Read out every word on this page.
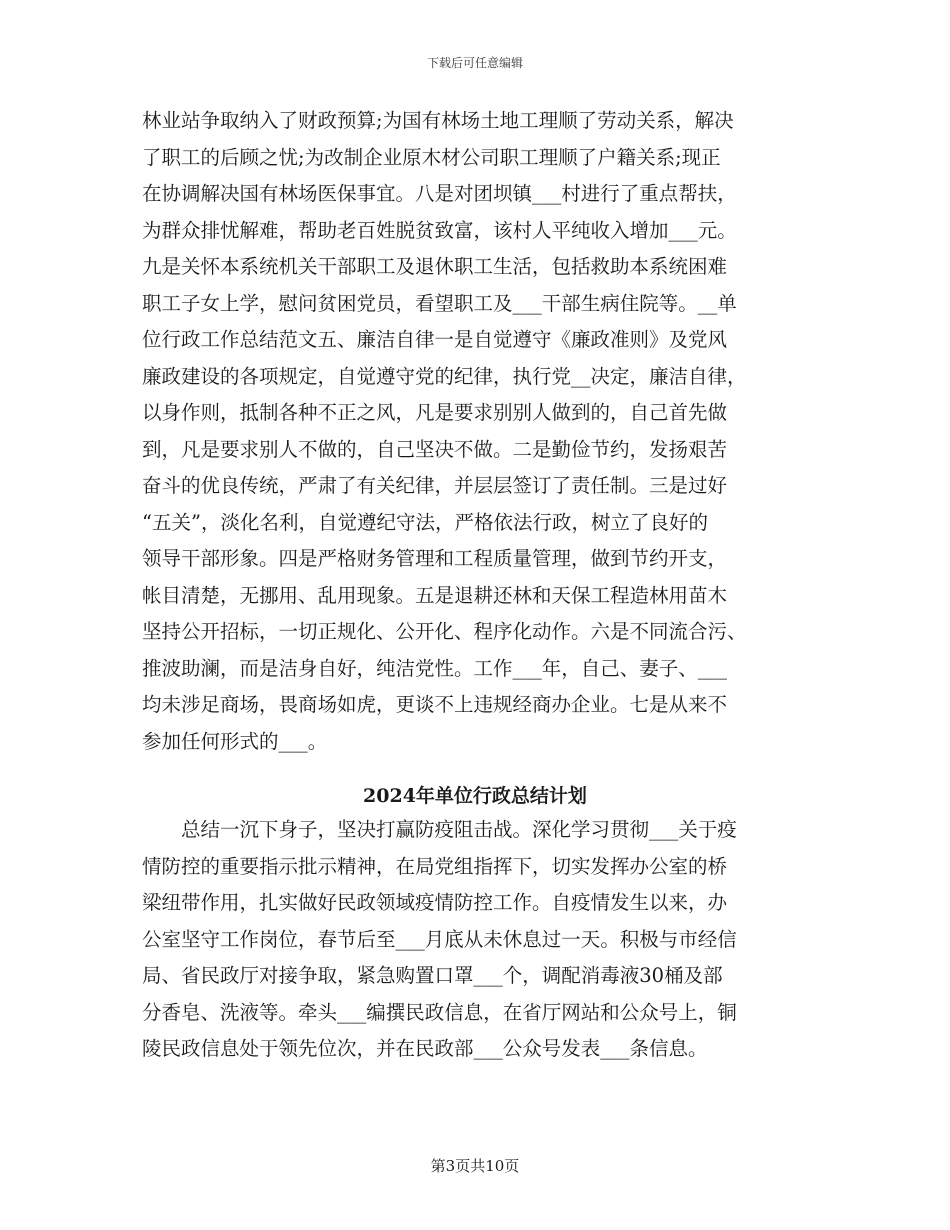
下载后可任意编辑
林业站争取纳入了财政预算;为国有林场土地工理顺了劳动关系，解决
了职工的后顾之忧;为改制企业原木材公司职工理顺了户籍关系;现正
在协调解决国有林场医保事宜。八是对团坝镇___村进行了重点帮扶，
为群众排忧解难，帮助老百姓脱贫致富，该村人平纯收入增加___元。
九是关怀本系统机关干部职工及退休职工生活，包括救助本系统困难
职工子女上学，慰问贫困党员，看望职工及___干部生病住院等。__单
位行政工作总结范文五、廉洁自律一是自觉遵守《廉政准则》及党风
廉政建设的各项规定，自觉遵守党的纪律，执行党__决定，廉洁自律，
以身作则，抵制各种不正之风，凡是要求别别人做到的，自己首先做
到，凡是要求别人不做的，自己坚决不做。二是勤俭节约，发扬艰苦
奋斗的优良传统，严肃了有关纪律，并层层签订了责任制。三是过好
“五关”，淡化名利，自觉遵纪守法，严格依法行政，树立了良好的
领导干部形象。四是严格财务管理和工程质量管理，做到节约开支，
帐目清楚，无挪用、乱用现象。五是退耕还林和天保工程造林用苗木
坚持公开招标，一切正规化、公开化、程序化动作。六是不同流合污、
推波助澜，而是洁身自好，纯洁党性。工作___年，自己、妻子、___
均未涉足商场，畏商场如虎，更谈不上违规经商办企业。七是从来不
参加任何形式的___。
2024年单位行政总结计划
　　总结一沉下身子，坚决打赢防疫阻击战。深化学习贯彻___关于疫
情防控的重要指示批示精神，在局党组指挥下，切实发挥办公室的桥
梁纽带作用，扎实做好民政领域疫情防控工作。自疫情发生以来，办
公室坚守工作岗位，春节后至___月底从未休息过一天。积极与市经信
局、省民政厅对接争取，紧急购置口罩___个，调配消毒液30桶及部
分香皂、洗液等。牵头___编撰民政信息，在省厅网站和公众号上，铜
陵民政信息处于领先位次，并在民政部___公众号发表___条信息。
第3页共10页
